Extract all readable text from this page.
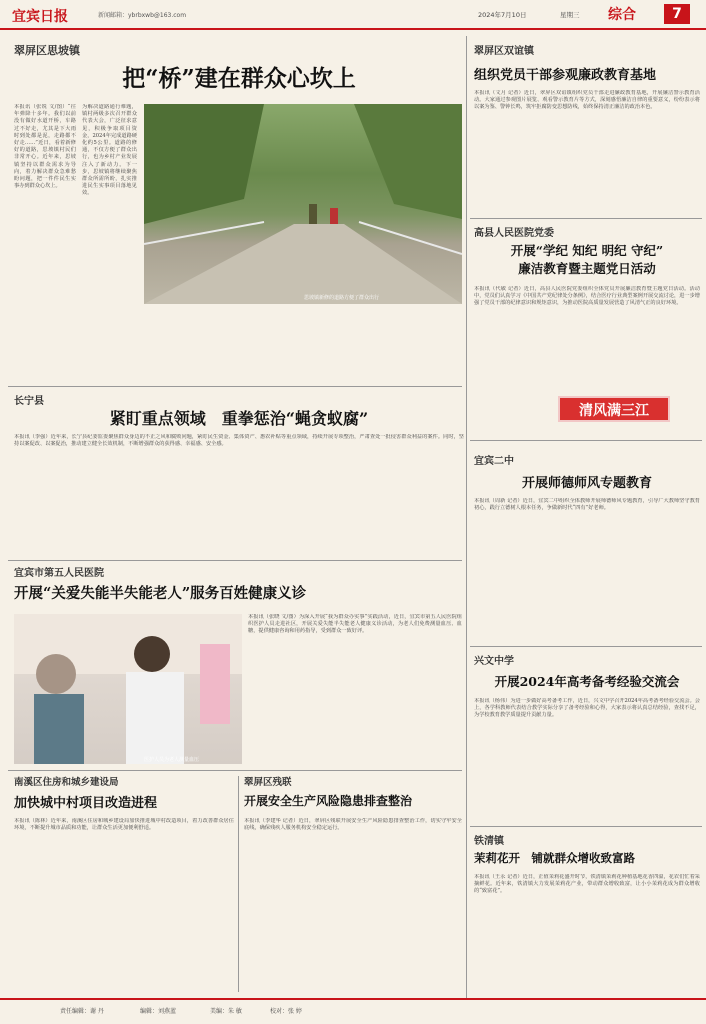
宜宾日报	新闻邮箱：ybrbxwb@163.com	2024年7月10日	星期三 综合	7
翠屏区思坡镇
把“桥”建在群众心坎上
本报讯（张锐 文/图）“往年弹降十多年。我们以前没有做好水道开桥，车路过不好走，尤其是下大雨时到处都是泥，走路都不好走……”近日，看着新修好的道路，思坡镇村民们非常开心。近年来，思坡镇坚持以群众需求为导向，着力解决群众急难愁盼问题，把一件件民生实事办到群众心坎上。
为解决道路通行难题，镇村两级多次召开群众代表大会，广泛征求意见，积极争取项目资金，2024年完成道路硬化约5公里。道路的修通，不仅方便了群众出行，也为乡村产业发展注入了新动力。下一步，思坡镇将继续聚焦群众所需所盼，扎实推进民生实事项目落地见效。
思坡镇新修的道路方便了群众出行
翠屏区双谊镇
组织党员干部参观廉政教育基地
本报讯（文月 记者）近日，翠屏区双谊镇组织党员干部走进廉政教育基地，开展廉洁警示教育活动。大家通过参观图片展览、观看警示教育片等方式，深刻感悟廉洁自律的重要意义，纷纷表示将以案为鉴、警钟长鸣，筑牢拒腐防变思想防线，始终保持清正廉洁的政治本色。
高县人民医院党委
开展“学纪 知纪 明纪 守纪”
廉洁教育暨主题党日活动
本报讯（代敏 记者）近日，高县人民医院党委组织全体党员开展廉洁教育暨主题党日活动。活动中，党员们认真学习《中国共产党纪律处分条例》，结合医疗行业典型案例开展交流讨论，进一步增强了党员干部的纪律意识和规矩意识，为推动医院高质量发展营造了风清气正的良好环境。
清风满三江
长宁县
紧盯重点领域　重拳惩治“蝇贪蚁腐”
本报讯（李强）近年来，长宁县纪委监委聚焦群众身边的不正之风和腐败问题，紧盯民生资金、集体资产、惠农补贴等重点领域，持续开展专项整治，严肃查处一批侵害群众利益的案件。同时，坚持以案促改、以案促治，推动建立健全长效机制，不断增强群众的获得感、幸福感、安全感。
宜宾二中
开展师德师风专题教育
本报讯（周新 记者）近日，宜宾二中组织全体教师开展师德师风专题教育，引导广大教师坚守教育初心，践行立德树人根本任务，争做新时代“四有”好老师。
宜宾市第五人民医院
开展“关爱失能半失能老人”服务百姓健康义诊
医护人员为老人测量血压
本报讯（张晓 文/图）为深入开展“我为群众办实事”实践活动，近日，宜宾市第五人民医院组织医护人员走进社区，开展关爱失能半失能老人健康义诊活动，为老人们免费测量血压、血糖，提供健康咨询和用药指导，受到群众一致好评。
兴文中学
开展2024年高考备考经验交流会
本报讯（杨伟）为进一步做好高考备考工作，近日，兴文中学召开2024年高考备考经验交流会。会上，各学科教师代表结合教学实际分享了备考经验和心得，大家表示将认真总结经验，查找不足，为学校教育教学质量提升贡献力量。
南溪区住房和城乡建设局
加快城中村项目改造进程
本报讯（陈林）近年来，南溪区住房和城乡建设局加快推进城中村改造项目，着力改善群众居住环境，不断提升城市品质和功能，让群众生活更加便利舒适。
翠屏区残联
开展安全生产风险隐患排查整治
本报讯（李建华 记者）近日，翠屏区残联开展安全生产风险隐患排查整治工作，切实守牢安全底线，确保残疾人服务机构安全稳定运行。
铁清镇
茉莉花开　铺就群众增收致富路
本报讯（王永 记者）近日，正值茉莉花盛开时节，铁清镇茉莉花种植基地花香四溢，花农们忙着采摘鲜花。近年来，铁清镇大力发展茉莉花产业，带动群众增收致富，让小小茉莉花成为群众增收的“致富花”。
责任编辑：谢 丹	编辑：刘燕蓝	美编：朱 敏	校对：张 婷
